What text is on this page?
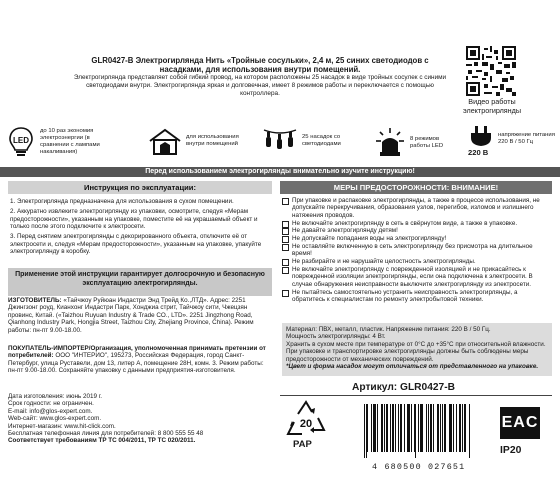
GLR0427-В Электрогирлянда Нить «Тройные сосульки», 2,4 м, 25 синих светодиодов с насадками, для использования внутри помещений.
Электрогирлянда представляет собой гибкий провод, на котором расположены 25 насадок в виде тройных сосулек с синими светодиодами внутри. Электрогирлянда яркая и долговечная, имеет 8 режимов работы и переключается с помощью контроллера.
Видео работы электрогирлянды
LED
до 10 раз экономия электроэнергии (в сравнении с лампами накаливания)
для использования внутри помещений
25 насадок со светодиодами
8 режимов работы LED
220 В
напряжение питания 220 В / 50 Гц
Перед использованием электрогирлянды внимательно изучите инструкцию!
Инструкция по эксплуатации:	МЕРЫ ПРЕДОСТОРОЖНОСТИ: ВНИМАНИЕ!

1. Электрогирлянда предназначена для использования в сухом помещении.

2. Аккуратно извлеките электрогирлянду из упаковки, осмотрите, следуя «Мерам предосторожности», указанным на упаковке, поместите её на украшаемый объект и только после этого подключите к электросети.

3. Перед снятием электрогирлянды с декорированного объекта, отключите её от электросети и, следуя «Мерам предосторожности», указанным на упаковке, упакуйте электрогирлянду в коробку.

Применение этой инструкции гарантирует долгосрочную и безопасную эксплуатацию электрогирлянды.
При упаковке и распаковке электрогирлянды, а также в процессе использования, не допускайте перекручивания, образования узлов, перегибов, изломов и излишнего натяжения проводов.
Не включайте электрогирлянду в сеть в свёрнутом виде, а также в упаковке.
Не давайте электрогирлянду детям!
Не допускайте попадания воды на электрогирлянду!
Не оставляйте включенную в сеть электрогирлянду без присмотра на длительное время!
Не разбирайте и не нарушайте целостность электрогирлянды.
Не включайте электрогирлянду с поврежденной изоляцией и не прикасайтесь к поврежденной изоляции электрогирлянды, если она подключена к электросети. В случае обнаружения неисправности выключите электрогирлянду из электросети.
Не пытайтесь самостоятельно устранить неисправность электрогирлянды, а обратитесь к специалистам по ремонту электробытовой техники.
ИЗГОТОВИТЕЛЬ: «Тайчжоу Руйюан Индастри Энд Трейд Ко.,ЛТД». Адрес: 2251 Джингзонг роуд, Кианхонг Индастри Парк, Хонджиа стрит, Тайчжоу сити, Чжецзян провинс, Китай. («Taizhou Ruyuan Industry & Trade CO., LTD». 2251 Jingzhong Road, Qianhong Industry Park, Hongjia Street, Taizhou City, Zhejiang Province, China). Режим работы: пн-пт 9.00-18.00.
ПОКУПАТЕЛЬ-ИМПОРТЕР/Организация, уполномоченная принимать претензии от потребителей: ООО "ИНТЕРИО", 195273, Российская Федерация, город Санкт-Петербург, улица Руставели, дом 13, литер А, помещение 28Н, комн. 3. Режим работы: пн-пт 9.00-18.00. Сохраняйте упаковку с данными предприятия-изготовителя.
Дата изготовления: июнь 2019 г.
Срок годности: не ограничен.
E-mail: info@glos-expert.com.
Web-сайт: www.glos-expert.com.
Интернет-магазин: www.hit-click.com.
Бесплатная телефонная линия для потребителей: 8 800 555 55 48
Соответствует требованиям ТР ТС 004/2011, ТР ТС 020/2011.
Материал: ПВХ, металл, пластик. Напряжение питания: 220 В / 50 Гц.
Мощность электрогирлянды: 4 Вт.
Хранить в сухом месте при температуре от 0°С до +35°С при относительной влажности.
При упаковке и транспортировке электрогирлянды должны быть соблюдены меры предосторожности от механических повреждений.
*Цвет и форма насадок могут отличаться от представленного на упаковке.
Артикул: GLR0427-В
20
PAP
4 680500 027651
EAC
IP20
